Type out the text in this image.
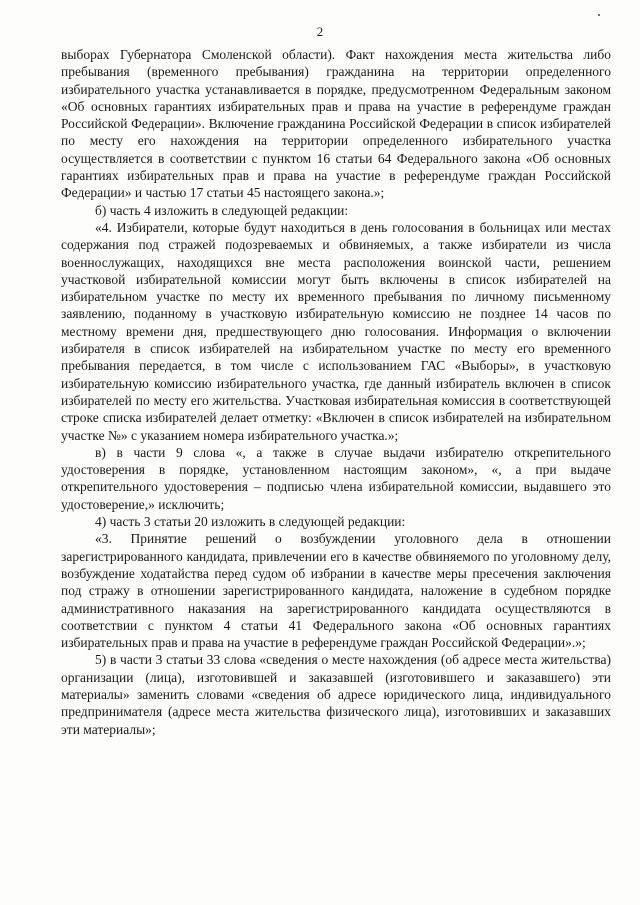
2

выборах Губернатора Смоленской области). Факт нахождения места жительства либо пребывания (временного пребывания) гражданина на территории определенного избирательного участка устанавливается в порядке, предусмотренном Федеральным законом «Об основных гарантиях избирательных прав и права на участие в референдуме граждан Российской Федерации». Включение гражданина Российской Федерации в список избирателей по месту его нахождения на территории определенного избирательного участка осуществляется в соответствии с пунктом 16 статьи 64 Федерального закона «Об основных гарантиях избирательных прав и права на участие в референдуме граждан Российской Федерации» и частью 17 статьи 45 настоящего закона.»;

б) часть 4 изложить в следующей редакции:

«4. Избиратели, которые будут находиться в день голосования в больницах или местах содержания под стражей подозреваемых и обвиняемых, а также избиратели из числа военнослужащих, находящихся вне места расположения воинской части, решением участковой избирательной комиссии могут быть включены в список избирателей на избирательном участке по месту их временного пребывания по личному письменному заявлению, поданному в участковую избирательную комиссию не позднее 14 часов по местному времени дня, предшествующего дню голосования. Информация о включении избирателя в список избирателей на избирательном участке по месту его временного пребывания передается, в том числе с использованием ГАС «Выборы», в участковую избирательную комиссию избирательного участка, где данный избиратель включен в список избирателей по месту его жительства. Участковая избирательная комиссия в соответствующей строке списка избирателей делает отметку: «Включен в список избирателей на избирательном участке №» с указанием номера избирательного участка.»;

в) в части 9 слова «, а также в случае выдачи избирателю открепительного удостоверения в порядке, установленном настоящим законом», «, а при выдаче открепительного удостоверения – подписью члена избирательной комиссии, выдавшего это удостоверение,» исключить;

4) часть 3 статьи 20 изложить в следующей редакции:

«3. Принятие решений о возбуждении уголовного дела в отношении зарегистрированного кандидата, привлечении его в качестве обвиняемого по уголовному делу, возбуждение ходатайства перед судом об избрании в качестве меры пресечения заключения под стражу в отношении зарегистрированного кандидата, наложение в судебном порядке административного наказания на зарегистрированного кандидата осуществляются в соответствии с пунктом 4 статьи 41 Федерального закона «Об основных гарантиях избирательных прав и права на участие в референдуме граждан Российской Федерации».»;

5) в части 3 статьи 33 слова «сведения о месте нахождения (об адресе места жительства) организации (лица), изготовившей и заказавшей (изготовившего и заказавшего) эти материалы» заменить словами «сведения об адресе юридического лица, индивидуального предпринимателя (адресе места жительства физического лица), изготовивших и заказавших эти материалы»;
